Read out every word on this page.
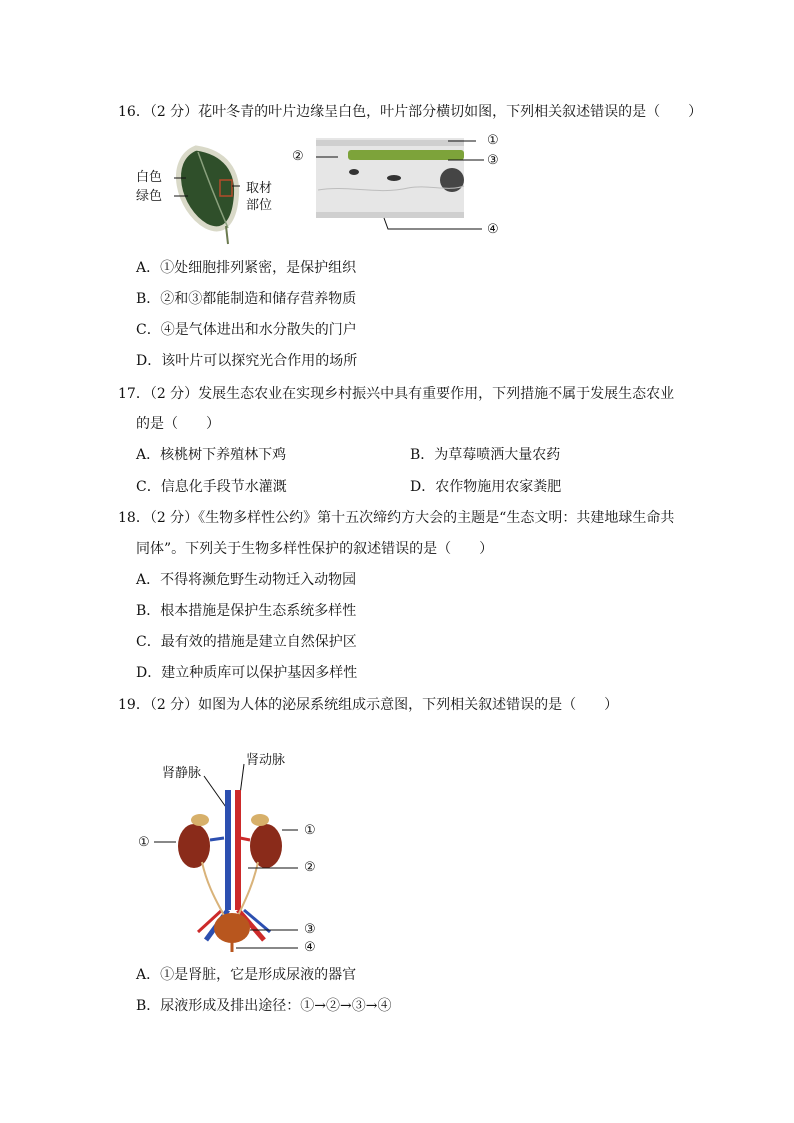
16．（2 分）花叶冬青的叶片边缘呈白色，叶片部分横切如图，下列相关叙述错误的是（　　）
白色
绿色
取材
部位
②
①
③
④
A．①处细胞排列紧密，是保护组织
B．②和③都能制造和储存营养物质
C．④是气体进出和水分散失的门户
D．该叶片可以探究光合作用的场所
17．（2 分）发展生态农业在实现乡村振兴中具有重要作用，下列措施不属于发展生态农业
的是（　　）
A．核桃树下养殖林下鸡	B．为草莓喷洒大量农药
C．信息化手段节水灌溉	D．农作物施用农家粪肥
18．（2 分）《生物多样性公约》第十五次缔约方大会的主题是“生态文明：共建地球生命共
同体”。下列关于生物多样性保护的叙述错误的是（　　）
A．不得将濒危野生动物迁入动物园
B．根本措施是保护生态系统多样性
C．最有效的措施是建立自然保护区
D．建立种质库可以保护基因多样性
19．（2 分）如图为人体的泌尿系统组成示意图，下列相关叙述错误的是（　　）
肾静脉
肾动脉
①
①
②
③
④
A．①是肾脏，它是形成尿液的器官
B．尿液形成及排出途径：①→②→③→④
